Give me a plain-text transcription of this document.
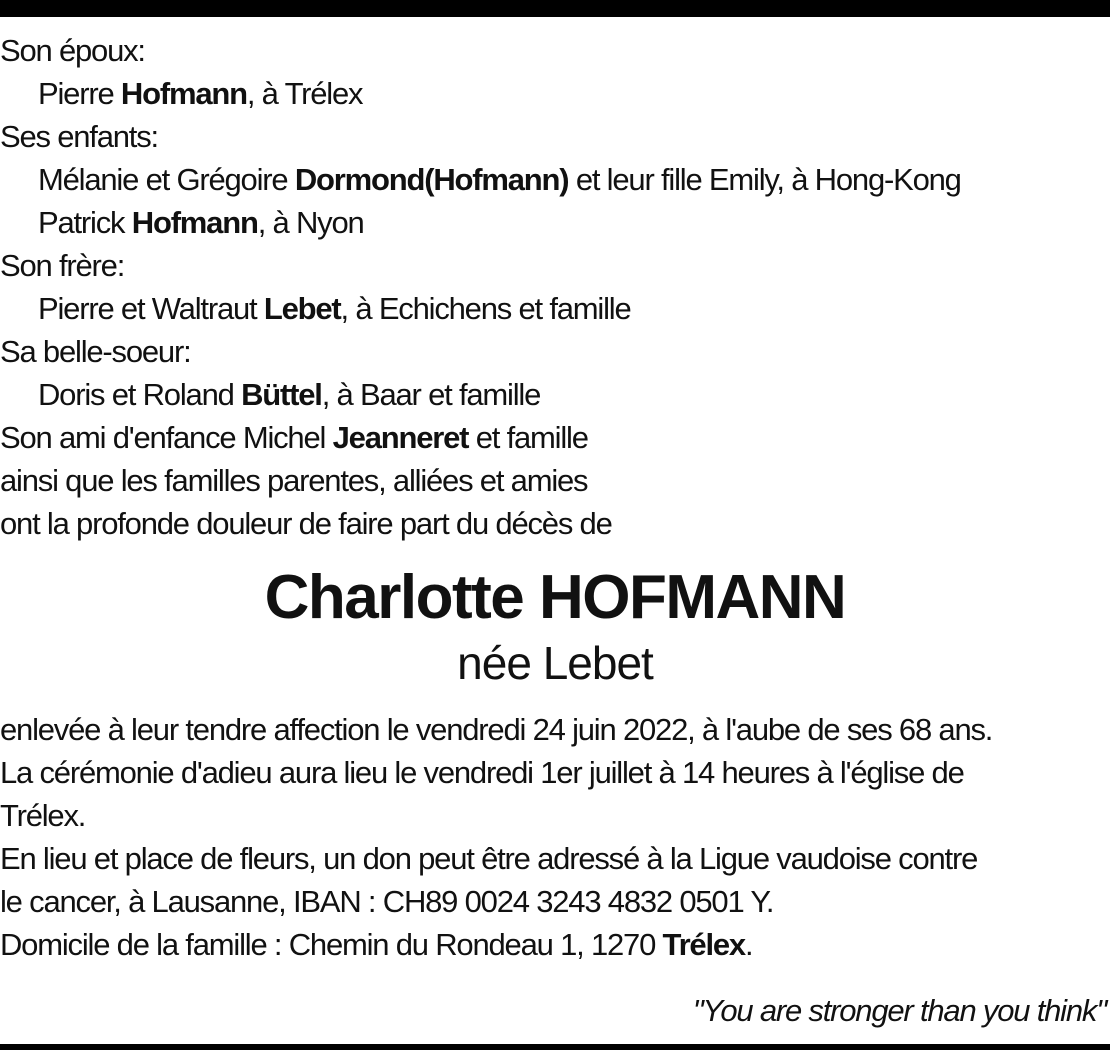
Son époux:
Pierre Hofmann, à Trélex
Ses enfants:
Mélanie et Grégoire Dormond(Hofmann) et leur fille Emily, à Hong-Kong
Patrick Hofmann, à Nyon
Son frère:
Pierre et Waltraut Lebet, à Echichens et famille
Sa belle-soeur:
Doris et Roland Büttel, à Baar et famille
Son ami d'enfance Michel Jeanneret et famille
ainsi que les familles parentes, alliées et amies
ont la profonde douleur de faire part du décès de
Charlotte HOFMANN
née Lebet
enlevée à leur tendre affection le vendredi 24 juin 2022, à l'aube de ses 68 ans.
La cérémonie d'adieu aura lieu le vendredi 1er juillet à 14 heures à l'église de
Trélex.
En lieu et place de fleurs, un don peut être adressé à la Ligue vaudoise contre
le cancer, à Lausanne, IBAN : CH89 0024 3243 4832 0501 Y.
Domicile de la famille : Chemin du Rondeau 1, 1270 Trélex.
"You are stronger than you think"
